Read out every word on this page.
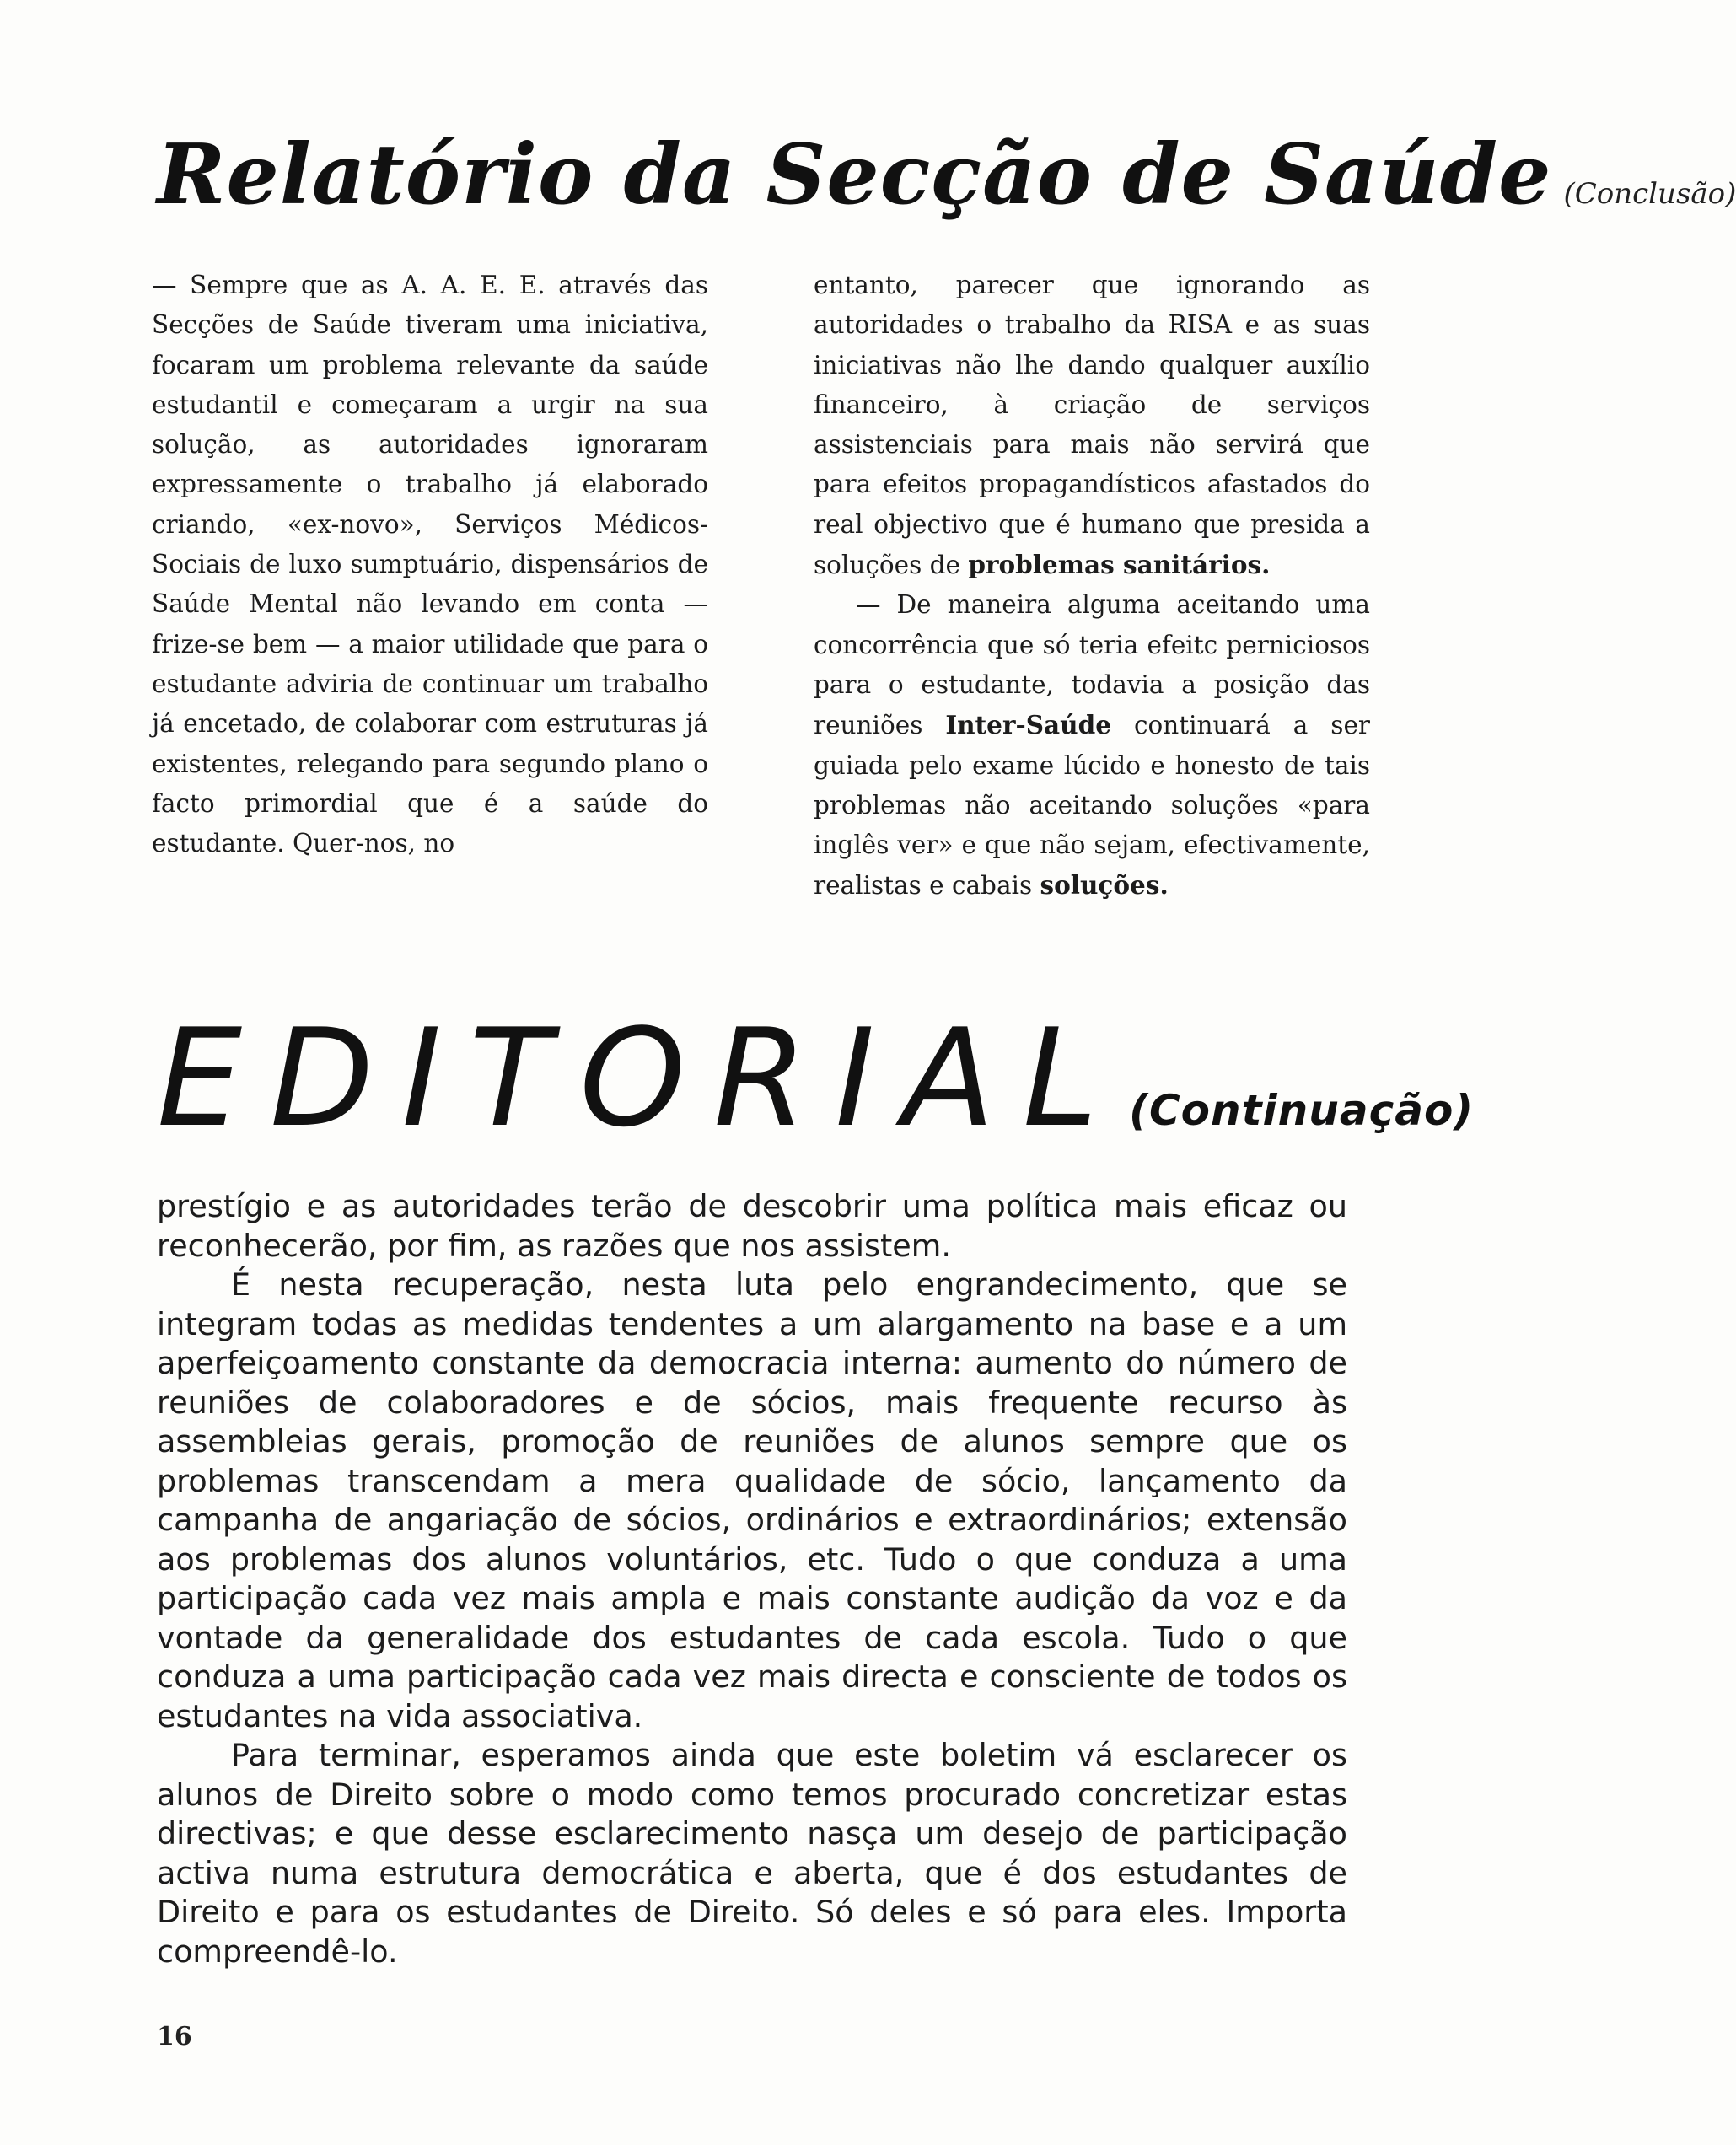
Relatório da Secção de Saúde (Conclusão)

— Sempre que as A. A. E. E. através das Secções de Saúde tiveram uma iniciativa, focaram um problema relevante da saúde estudantil e começaram a urgir na sua solução, as autoridades ignoraram expressamente o trabalho já elaborado criando, «ex-novo», Serviços Médicos-Sociais de luxo sumptuário, dispensários de Saúde Mental não levando em conta — frize-se bem — a maior utilidade que para o estudante adviria de continuar um trabalho já encetado, de colaborar com estruturas já existentes, relegando para segundo plano o facto primordial que é a saúde do estudante. Quer-nos, no

entanto, parecer que ignorando as autoridades o trabalho da RISA e as suas iniciativas não lhe dando qualquer auxílio financeiro, à criação de serviços assistenciais para mais não servirá que para efeitos propagandísticos afastados do real objectivo que é humano que presida a soluções de problemas sanitários.

— De maneira alguma aceitando uma concorrência que só teria efeitc perniciosos para o estudante, todavia a posição das reuniões Inter-Saúde continuará a ser guiada pelo exame lúcido e honesto de tais problemas não aceitando soluções «para inglês ver» e que não sejam, efectivamente, realistas e cabais soluções.

EDITORIAL(Continuação)

prestígio e as autoridades terão de descobrir uma política mais eficaz ou reconhecerão, por fim, as razões que nos assistem.

É nesta recuperação, nesta luta pelo engrandecimento, que se integram todas as medidas tendentes a um alargamento na base e a um aperfeiçoamento constante da democracia interna: aumento do número de reuniões de colaboradores e de sócios, mais frequente recurso às assembleias gerais, promoção de reuniões de alunos sempre que os problemas transcendam a mera qualidade de sócio, lançamento da campanha de angariação de sócios, ordinários e extraordinários; extensão aos problemas dos alunos voluntários, etc. Tudo o que conduza a uma participação cada vez mais ampla e mais constante audição da voz e da vontade da generalidade dos estudantes de cada escola. Tudo o que conduza a uma participação cada vez mais directa e consciente de todos os estudantes na vida associativa.

Para terminar, esperamos ainda que este boletim vá esclarecer os alunos de Direito sobre o modo como temos procurado concretizar estas directivas; e que desse esclarecimento nasça um desejo de participação activa numa estrutura democrática e aberta, que é dos estudantes de Direito e para os estudantes de Direito. Só deles e só para eles. Importa compreendê-lo.

16
